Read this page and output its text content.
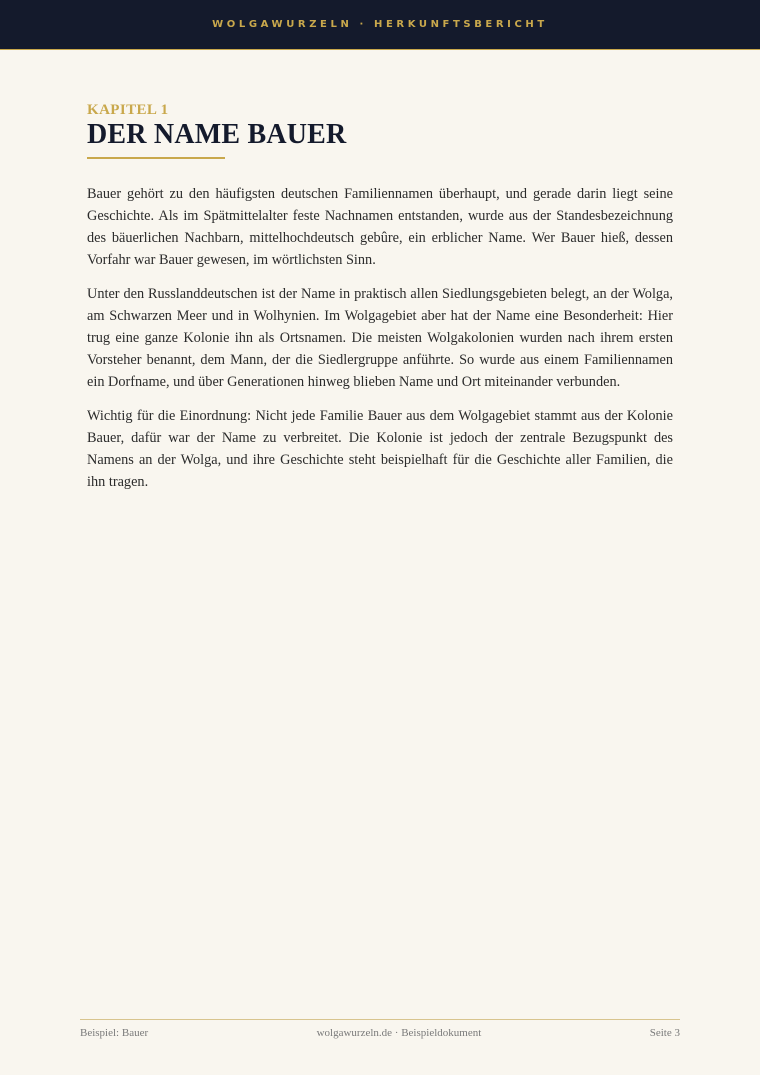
WOLGAWURZELN · HERKUNFTSBERICHT
KAPITEL 1
DER NAME BAUER

Bauer gehört zu den häufigsten deutschen Familiennamen überhaupt, und gerade darin liegt seine Geschichte. Als im Spätmittelalter feste Nachnamen entstanden, wurde aus der Standesbezeichnung des bäuerlichen Nachbarn, mittelhochdeutsch gebûre, ein erblicher Name. Wer Bauer hieß, dessen Vorfahr war Bauer gewesen, im wörtlichsten Sinn.

Unter den Russlanddeutschen ist der Name in praktisch allen Siedlungsgebieten belegt, an der Wolga, am Schwarzen Meer und in Wolhynien. Im Wolgagebiet aber hat der Name eine Besonderheit: Hier trug eine ganze Kolonie ihn als Ortsnamen. Die meisten Wolgakolonien wurden nach ihrem ersten Vorsteher benannt, dem Mann, der die Siedlergruppe anführte. So wurde aus einem Familiennamen ein Dorfname, und über Generationen hinweg blieben Name und Ort miteinander verbunden.

Wichtig für die Einordnung: Nicht jede Familie Bauer aus dem Wolgagebiet stammt aus der Kolonie Bauer, dafür war der Name zu verbreitet. Die Kolonie ist jedoch der zentrale Bezugspunkt des Namens an der Wolga, und ihre Geschichte steht beispielhaft für die Geschichte aller Familien, die ihn tragen.

Beispiel: Bauer	wolgawurzeln.de · Beispieldokument	Seite 3
